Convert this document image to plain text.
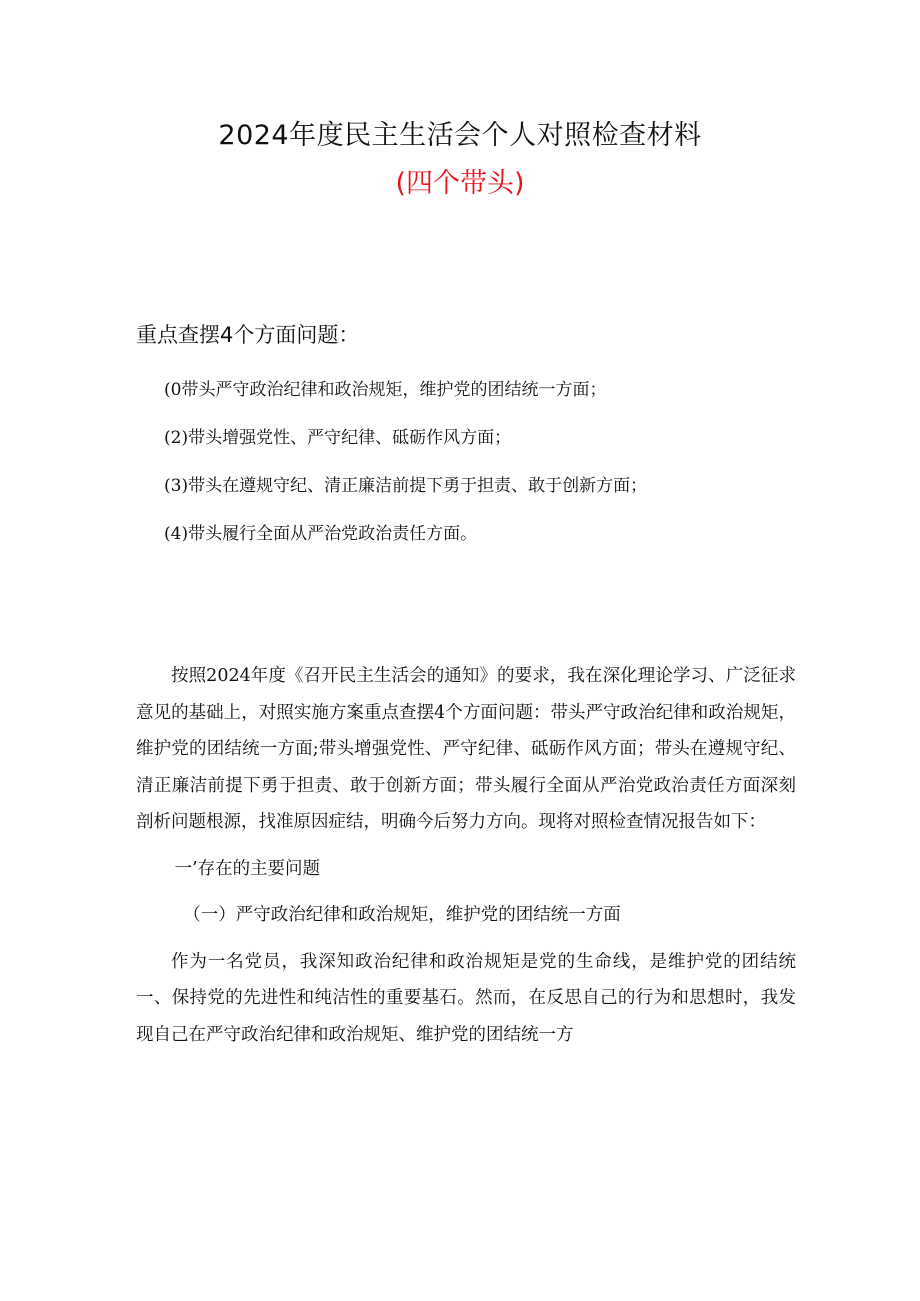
2024年度民主生活会个人对照检查材料
(四个带头)
重点查摆4个方面问题：
(0带头严守政治纪律和政治规矩，维护党的团结统一方面；
(2)带头增强党性、严守纪律、砥砺作风方面；
(3)带头在遵规守纪、清正廉洁前提下勇于担责、敢于创新方面；
(4)带头履行全面从严治党政治责任方面。

按照2024年度《召开民主生活会的通知》的要求，我在深化理论学习、广泛征求意见的基础上，对照实施方案重点查摆4个方面问题：带头严守政治纪律和政治规矩，维护党的团结统一方面;带头增强党性、严守纪律、砥砺作风方面；带头在遵规守纪、清正廉洁前提下勇于担责、敢于创新方面；带头履行全面从严治党政治责任方面深刻剖析问题根源，找准原因症结，明确今后努力方向。现将对照检查情况报告如下：

一’存在的主要问题

（一）严守政治纪律和政治规矩，维护党的团结统一方面

作为一名党员，我深知政治纪律和政治规矩是党的生命线，是维护党的团结统一、保持党的先进性和纯洁性的重要基石。然而，在反思自己的行为和思想时，我发现自己在严守政治纪律和政治规矩、维护党的团结统一方
